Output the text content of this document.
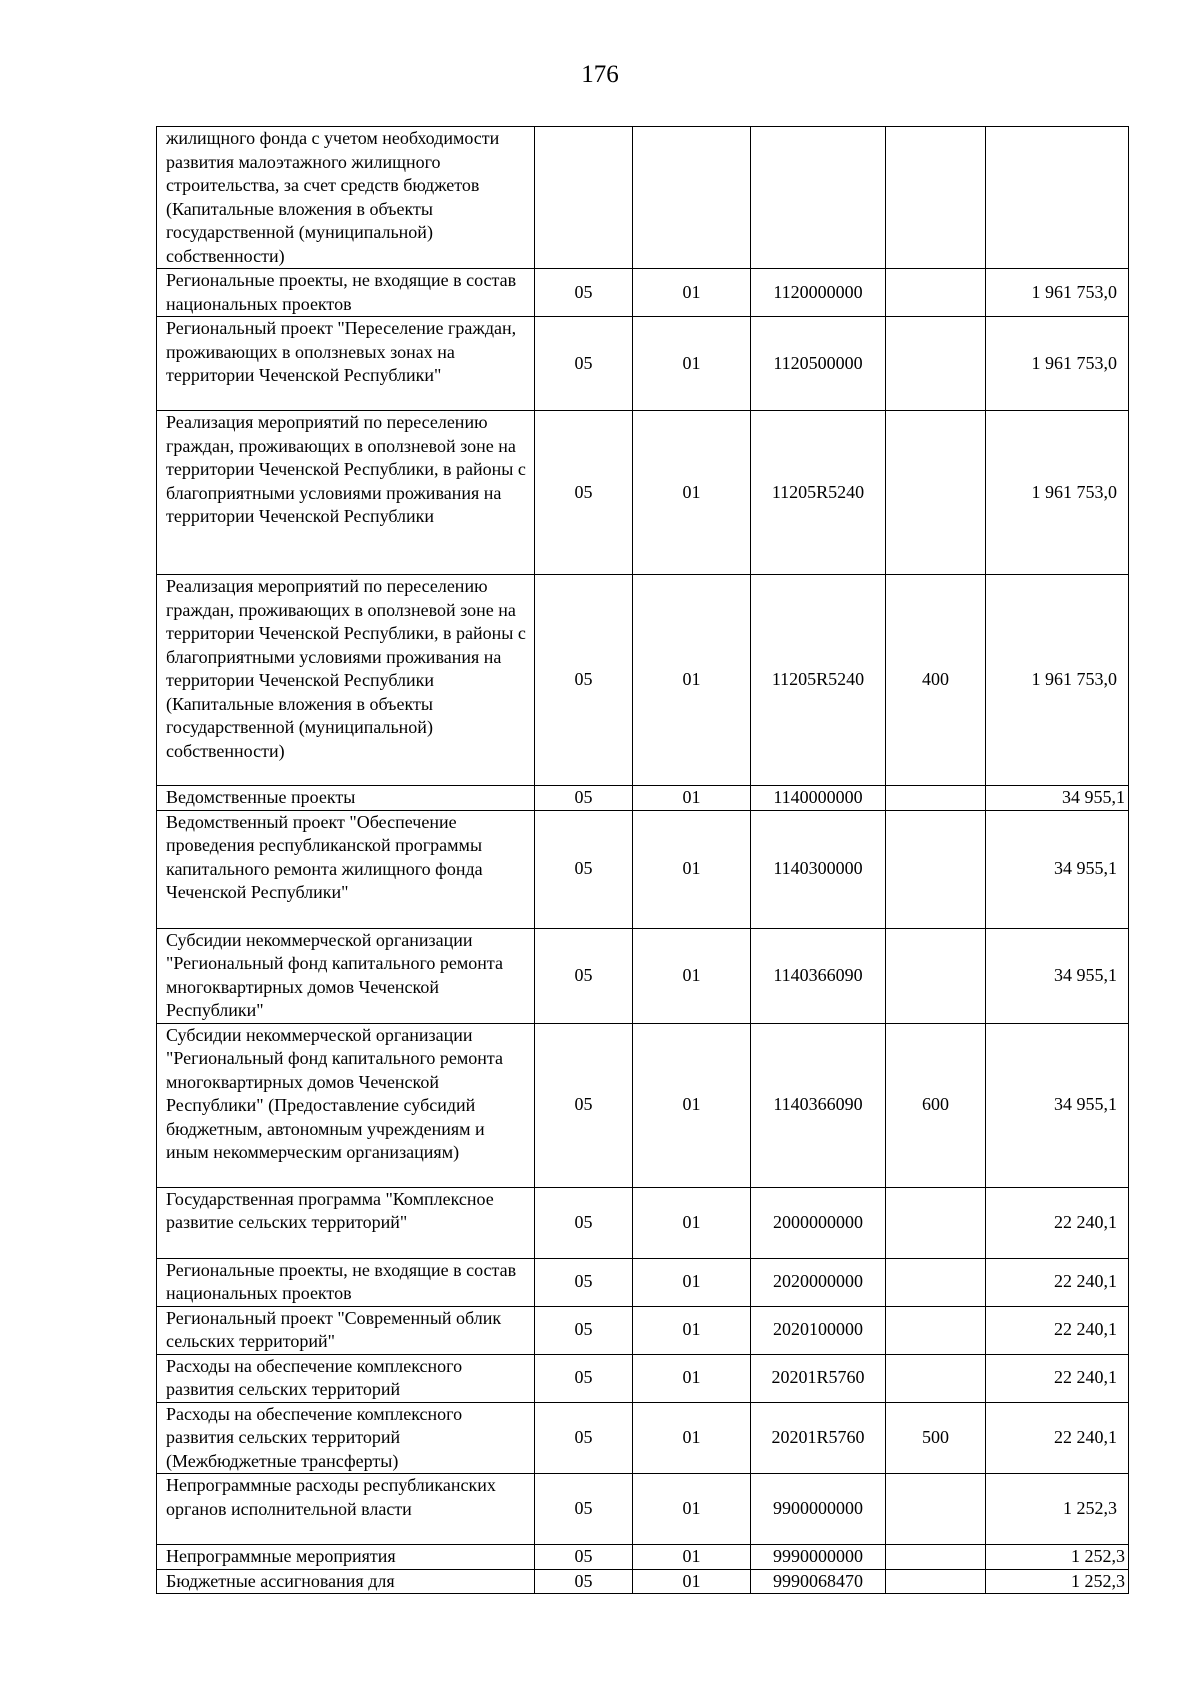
176
жилищного фонда с учетом необходимости развития малоэтажного жилищного строительства, за счет средств бюджетов (Капитальные вложения в объекты государственной (муниципальной) собственности)					
Региональные проекты, не входящие в состав национальных проектов	05	01	1120000000		1 961 753,0
Региональный проект "Переселение граждан, проживающих в оползневых зонах на территории Чеченской Республики"	05	01	1120500000		1 961 753,0
Реализация мероприятий по переселению граждан, проживающих в оползневой зоне на территории Чеченской Республики, в районы с благоприятными условиями проживания на территории Чеченской Республики	05	01	11205R5240		1 961 753,0
Реализация мероприятий по переселению граждан, проживающих в оползневой зоне на территории Чеченской Республики, в районы с благоприятными условиями проживания на территории Чеченской Республики (Капитальные вложения в объекты государственной (муниципальной) собственности)	05	01	11205R5240	400	1 961 753,0
Ведомственные проекты	05	01	1140000000		34 955,1
Ведомственный проект "Обеспечение проведения республиканской программы капитального ремонта жилищного фонда Чеченской Республики"	05	01	1140300000		34 955,1
Субсидии некоммерческой организации "Региональный фонд капитального ремонта многоквартирных домов Чеченской Республики"	05	01	1140366090		34 955,1
Субсидии некоммерческой организации "Региональный фонд капитального ремонта многоквартирных домов Чеченской Республики" (Предоставление субсидий бюджетным, автономным учреждениям и иным некоммерческим организациям)	05	01	1140366090	600	34 955,1
Государственная программа "Комплексное развитие сельских территорий"	05	01	2000000000		22 240,1
Региональные проекты, не входящие в состав национальных проектов	05	01	2020000000		22 240,1
Региональный проект "Современный облик сельских территорий"	05	01	2020100000		22 240,1
Расходы на обеспечение комплексного развития сельских территорий	05	01	20201R5760		22 240,1
Расходы на обеспечение комплексного развития сельских территорий (Межбюджетные трансферты)	05	01	20201R5760	500	22 240,1
Непрограммные расходы республиканских органов исполнительной власти	05	01	9900000000		1 252,3
Непрограммные мероприятия	05	01	9990000000		1 252,3
Бюджетные ассигнования для	05	01	9990068470		1 252,3
